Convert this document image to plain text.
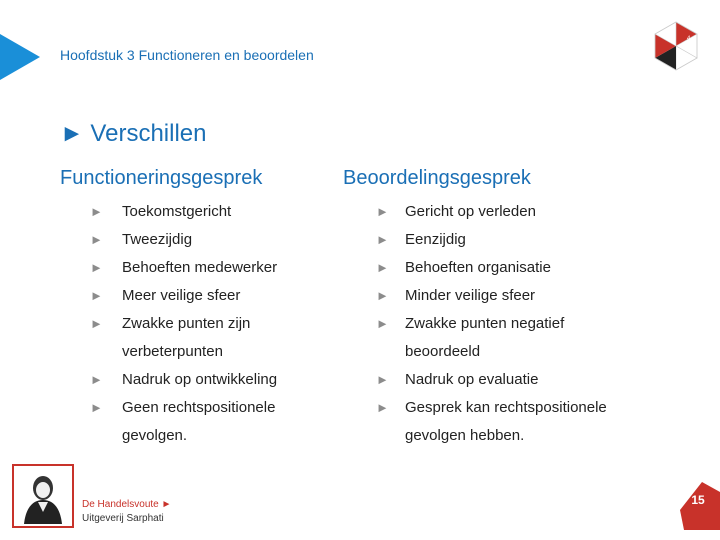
Hoofdstuk 3 Functioneren en beoordelen
4
► Verschillen
Functioneringsgesprek
► Toekomstgericht
► Tweezijdig
► Behoeften medewerker
► Meer veilige sfeer
► Zwakke punten zijn
verbeterpunten
► Nadruk op ontwikkeling
► Geen rechtspositionele
gevolgen.
Beoordelingsgesprek
► Gericht op verleden
► Eenzijdig
► Behoeften organisatie
► Minder veilige sfeer
► Zwakke punten negatief
beoordeeld
► Nadruk op evaluatie
► Gesprek kan rechtspositionele
gevolgen hebben.
De Handelsvoute ►
Uitgeverij Sarphati
15
